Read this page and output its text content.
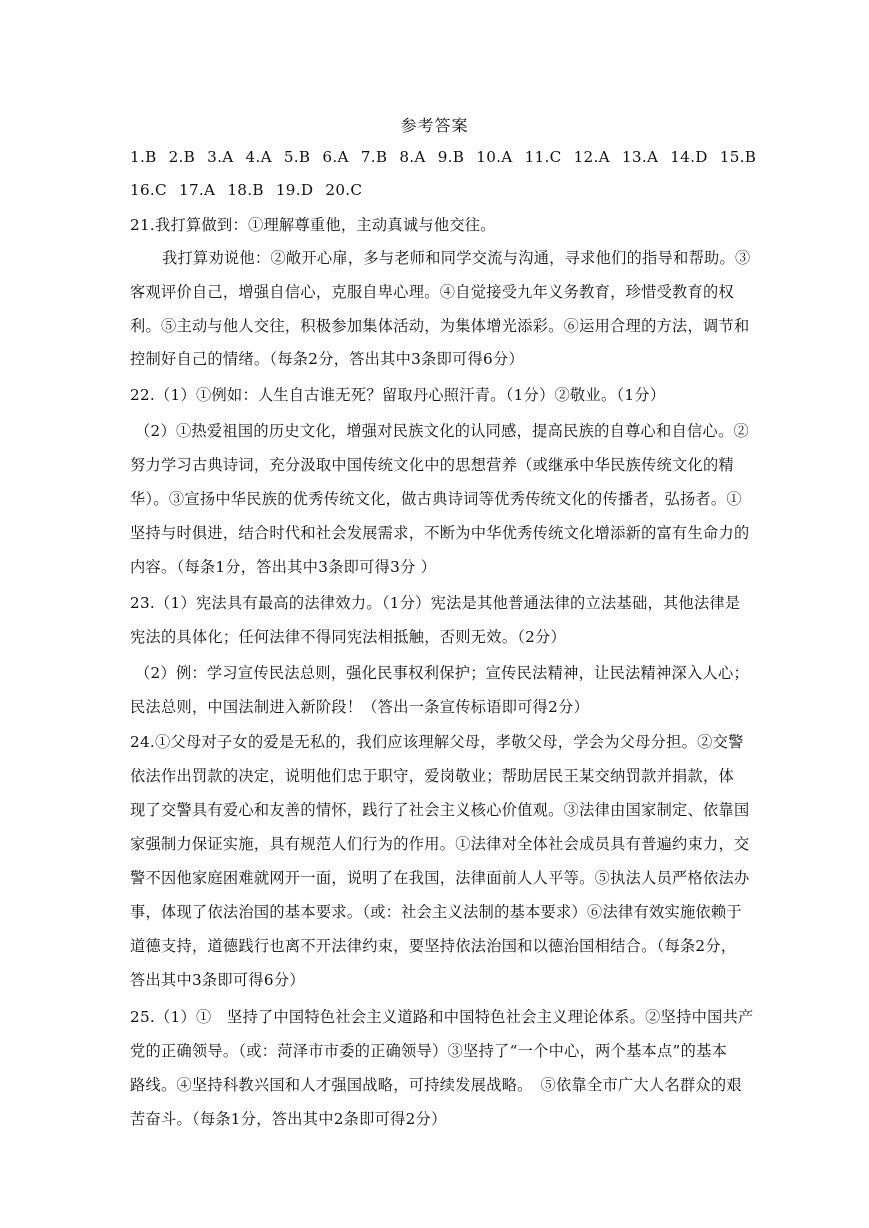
参考答案
1.B 2.B 3.A 4.A 5.B 6.A 7.B 8.A 9.B 10.A 11.C 12.A 13.A 14.D 15.B
16.C 17.A 18.B 19.D 20.C
21.我打算做到：①理解尊重他，主动真诚与他交往。
我打算劝说他：②敞开心扉，多与老师和同学交流与沟通，寻求他们的指导和帮助。③
客观评价自己，增强自信心，克服自卑心理。④自觉接受九年义务教育，珍惜受教育的权
利。⑤主动与他人交往，积极参加集体活动，为集体增光添彩。⑥运用合理的方法，调节和
控制好自己的情绪。（每条2分，答出其中3条即可得6分）
22.（1）①例如：人生自古谁无死？留取丹心照汗青。（1分）②敬业。（1分）
（2）①热爱祖国的历史文化，增强对民族文化的认同感，提高民族的自尊心和自信心。②
努力学习古典诗词，充分汲取中国传统文化中的思想营养（或继承中华民族传统文化的精
华）。③宣扬中华民族的优秀传统文化，做古典诗词等优秀传统文化的传播者，弘扬者。①
坚持与时俱进，结合时代和社会发展需求，不断为中华优秀传统文化增添新的富有生命力的
内容。（每条1分，答出其中3条即可得3分 ）
23.（1）宪法具有最高的法律效力。（1分）宪法是其他普通法律的立法基础，其他法律是
宪法的具体化；任何法律不得同宪法相抵触，否则无效。（2分）
（2）例：学习宣传民法总则，强化民事权利保护；宣传民法精神，让民法精神深入人心；
民法总则，中国法制进入新阶段！（答出一条宣传标语即可得2分）
24.①父母对子女的爱是无私的，我们应该理解父母，孝敬父母，学会为父母分担。②交警
依法作出罚款的决定，说明他们忠于职守，爱岗敬业；帮助居民王某交纳罚款并捐款，体
现了交警具有爱心和友善的情怀，践行了社会主义核心价值观。③法律由国家制定、依靠国
家强制力保证实施，具有规范人们行为的作用。①法律对全体社会成员具有普遍约束力，交
警不因他家庭困难就网开一面，说明了在我国，法律面前人人平等。⑤执法人员严格依法办
事，体现了依法治国的基本要求。（或：社会主义法制的基本要求）⑥法律有效实施依赖于
道德支持，道德践行也离不开法律约束，要坚持依法治国和以德治国相结合。（每条2分，
答出其中3条即可得6分）
25.（1）①　坚持了中国特色社会主义道路和中国特色社会主义理论体系。②坚持中国共产
党的正确领导。（或：菏泽市市委的正确领导）③坚持了“一个中心，两个基本点”的基本
路线。④坚持科教兴国和人才强国战略，可持续发展战略。　⑤依靠全市广大人名群众的艰
苦奋斗。（每条1分，答出其中2条即可得2分）
